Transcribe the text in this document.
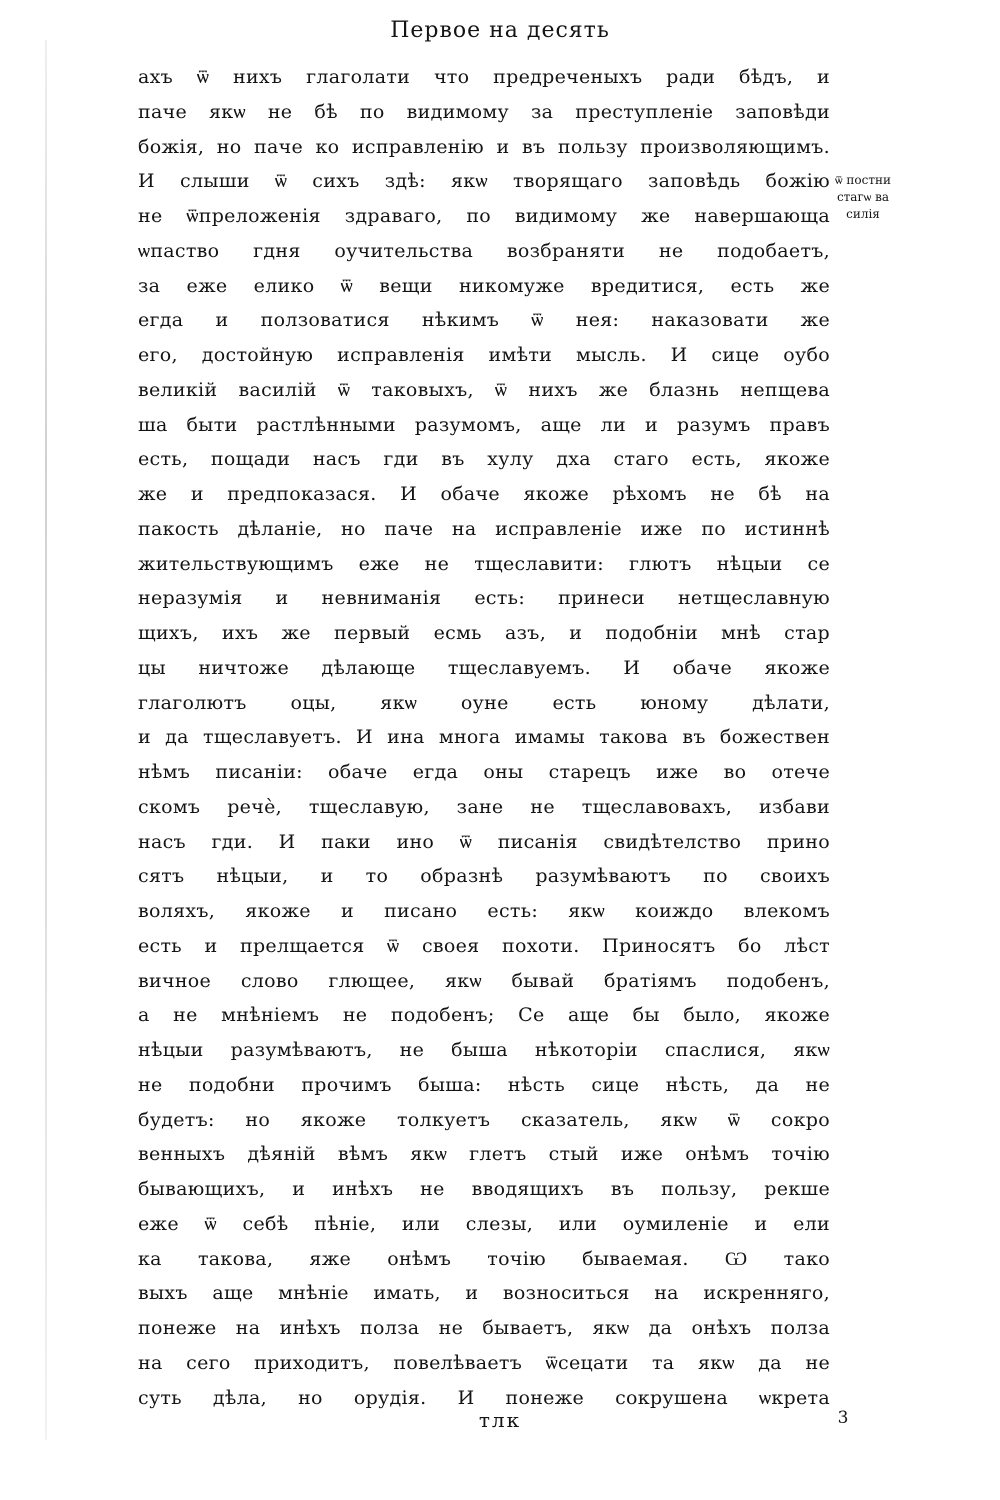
Первое на десять
ахъ ѿ нихъ глаголати что предреченыхъ ради бѣдъ, и
паче якѡ не бѣ по видимому за преступленіе заповѣди
божія, но паче ко исправленію и въ пользу произволяющимъ.
И слыши ѿ сихъ здѣ: якѡ творящаго заповѣдь божію
не ѿпреложенія здраваго, по видимому же навершающа
ѡпаство гдня оучительства возбраняти не подобаетъ,
за еже елико ѿ вещи никомуже вредитися, есть же
егда и ползоватися нѣкимъ ѿ нея: наказовати же
его, достойную исправленія имѣти мысль. И сице оубо
великій василій ѿ таковыхъ, ѿ нихъ же блазнь непщева
ша быти растлѣнными разумомъ, аще ли и разумъ правъ
есть, пощади насъ гди въ хулу дха стаго есть, якоже
же и предпоказася. И обаче якоже рѣхомъ не бѣ на
пакость дѣланіе, но паче на исправленіе иже по истиннѣ
жительствующимъ еже не тщеславити: глютъ нѣцыи се
неразумія и невниманія есть: принеси нетщеславную
щихъ, ихъ же первый есмь азъ, и подобніи мнѣ стар
цы ничтоже дѣлающе тщеславуемъ. И обаче якоже
глаголютъ оцы, якѡ оуне есть юному дѣлати,
и да тщеславуетъ. И ина многа имамы такова въ божествен
нѣмъ писаніи: обаче егда оны старецъ иже во отече
скомъ речѐ, тщеславую, зане не тщеславовахъ, избави
насъ гди. И паки ино ѿ писанія свидѣтелство прино
сятъ нѣцыи, и то образнѣ разумѣваютъ по своихъ
воляхъ, якоже и писано есть: якѡ коиждо влекомъ
есть и прелщается ѿ своея похоти. Приносятъ бо лѣст
вичное слово глющее, якѡ бывай братіямъ подобенъ,
а не мнѣніемъ не подобенъ; Се аще бы было, якоже
нѣцыи разумѣваютъ, не быша нѣкоторіи спаслися, якѡ
не подобни прочимъ быша: нѣсть сице нѣсть, да не
будетъ: но якоже толкуетъ сказатель, якѡ ѿ сокро
венныхъ дѣяній вѣмъ якѡ глетъ стый иже онѣмъ точію
бывающихъ, и инѣхъ не вводящихъ въ пользу, рекше
еже ѿ себѣ пѣніе, или слезы, или оумиленіе и ели
ка такова, яже онѣмъ точію бываемая. Ѡ тако
выхъ аще мнѣніе имать, и возноситься на искренняго,
понеже на инѣхъ полза не бываетъ, якѡ да онѣхъ полза
на сего приходитъ, повелѣваетъ ѿсецати та якѡ да не
суть дѣла, но орудія. И понеже сокрушена ѡкрета
ѿ постни
стагѡ ва
силія
тлк	3
